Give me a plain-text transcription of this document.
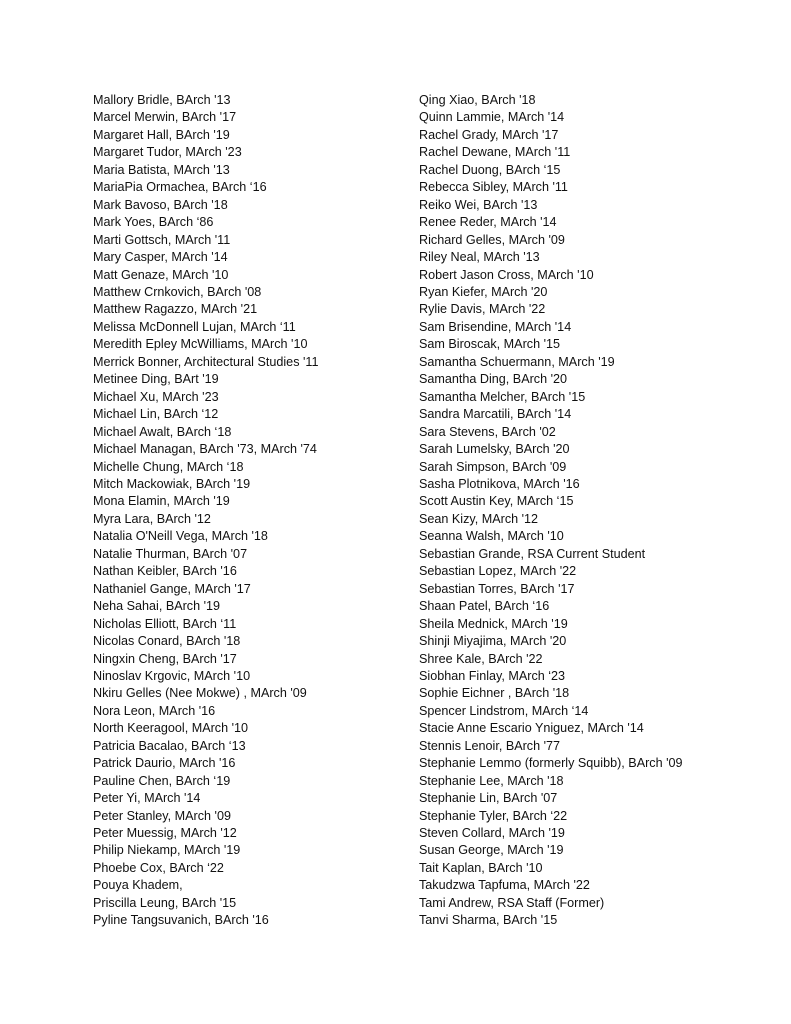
Mallory Bridle, BArch '13
Marcel Merwin, BArch '17
Margaret Hall, BArch '19
Margaret Tudor, MArch '23
Maria Batista, MArch '13
MariaPia Ormachea, BArch ‘16
Mark Bavoso, BArch '18
Mark Yoes, BArch ‘86
Marti Gottsch, MArch '11
Mary Casper, MArch '14
Matt Genaze, MArch '10
Matthew Crnkovich, BArch '08
Matthew Ragazzo, MArch '21
Melissa McDonnell Lujan, MArch ‘11
Meredith Epley McWilliams, MArch '10
Merrick Bonner, Architectural Studies '11
Metinee Ding, BArt '19
Michael Xu, MArch '23
Michael Lin, BArch ‘12
Michael Awalt, BArch ‘18
Michael Managan, BArch '73, MArch '74
Michelle Chung, MArch ‘18
Mitch Mackowiak, BArch '19
Mona Elamin, MArch '19
Myra Lara, BArch '12
Natalia O'Neill Vega, MArch '18
Natalie Thurman, BArch '07
Nathan Keibler, BArch '16
Nathaniel Gange, MArch '17
Neha Sahai, BArch '19
Nicholas Elliott, BArch ‘11
Nicolas Conard, BArch '18
Ningxin Cheng, BArch '17
Ninoslav Krgovic, MArch '10
Nkiru Gelles (Nee Mokwe) , MArch '09
Nora Leon, MArch '16
North Keeragool, MArch '10
Patricia Bacalao, BArch ‘13
Patrick Daurio, MArch '16
Pauline Chen, BArch ‘19
Peter Yi, MArch '14
Peter Stanley, MArch '09
Peter Muessig, MArch '12
Philip Niekamp, MArch '19
Phoebe Cox, BArch ‘22
Pouya Khadem,
Priscilla Leung, BArch '15
Pyline Tangsuvanich, BArch '16
Qing Xiao, BArch '18
Quinn Lammie, MArch '14
Rachel Grady, MArch '17
Rachel Dewane, MArch '11
Rachel Duong, BArch ‘15
Rebecca Sibley, MArch '11
Reiko Wei, BArch '13
Renee Reder, MArch '14
Richard Gelles, MArch '09
Riley Neal, MArch '13
Robert Jason Cross, MArch '10
Ryan Kiefer, MArch '20
Rylie Davis, MArch '22
Sam Brisendine, MArch '14
Sam Biroscak, MArch '15
Samantha Schuermann, MArch '19
Samantha Ding, BArch '20
Samantha Melcher, BArch '15
Sandra Marcatili, BArch '14
Sara Stevens, BArch '02
Sarah Lumelsky, BArch '20
Sarah Simpson, BArch '09
Sasha Plotnikova, MArch '16
Scott Austin Key, MArch ‘15
Sean Kizy, MArch '12
Seanna Walsh, MArch '10
Sebastian Grande, RSA Current Student
Sebastian Lopez, MArch '22
Sebastian Torres, BArch '17
Shaan Patel, BArch ‘16
Sheila Mednick, MArch '19
Shinji Miyajima, MArch '20
Shree Kale, BArch '22
Siobhan Finlay, MArch ‘23
Sophie Eichner , BArch '18
Spencer Lindstrom, MArch ‘14
Stacie Anne Escario Yniguez, MArch '14
Stennis Lenoir, BArch '77
Stephanie Lemmo (formerly Squibb), BArch '09
Stephanie Lee, MArch '18
Stephanie Lin, BArch '07
Stephanie Tyler, BArch ‘22
Steven Collard, MArch '19
Susan George, MArch '19
Tait Kaplan, BArch '10
Takudzwa Tapfuma, MArch '22
Tami Andrew, RSA Staff (Former)
Tanvi Sharma, BArch '15
